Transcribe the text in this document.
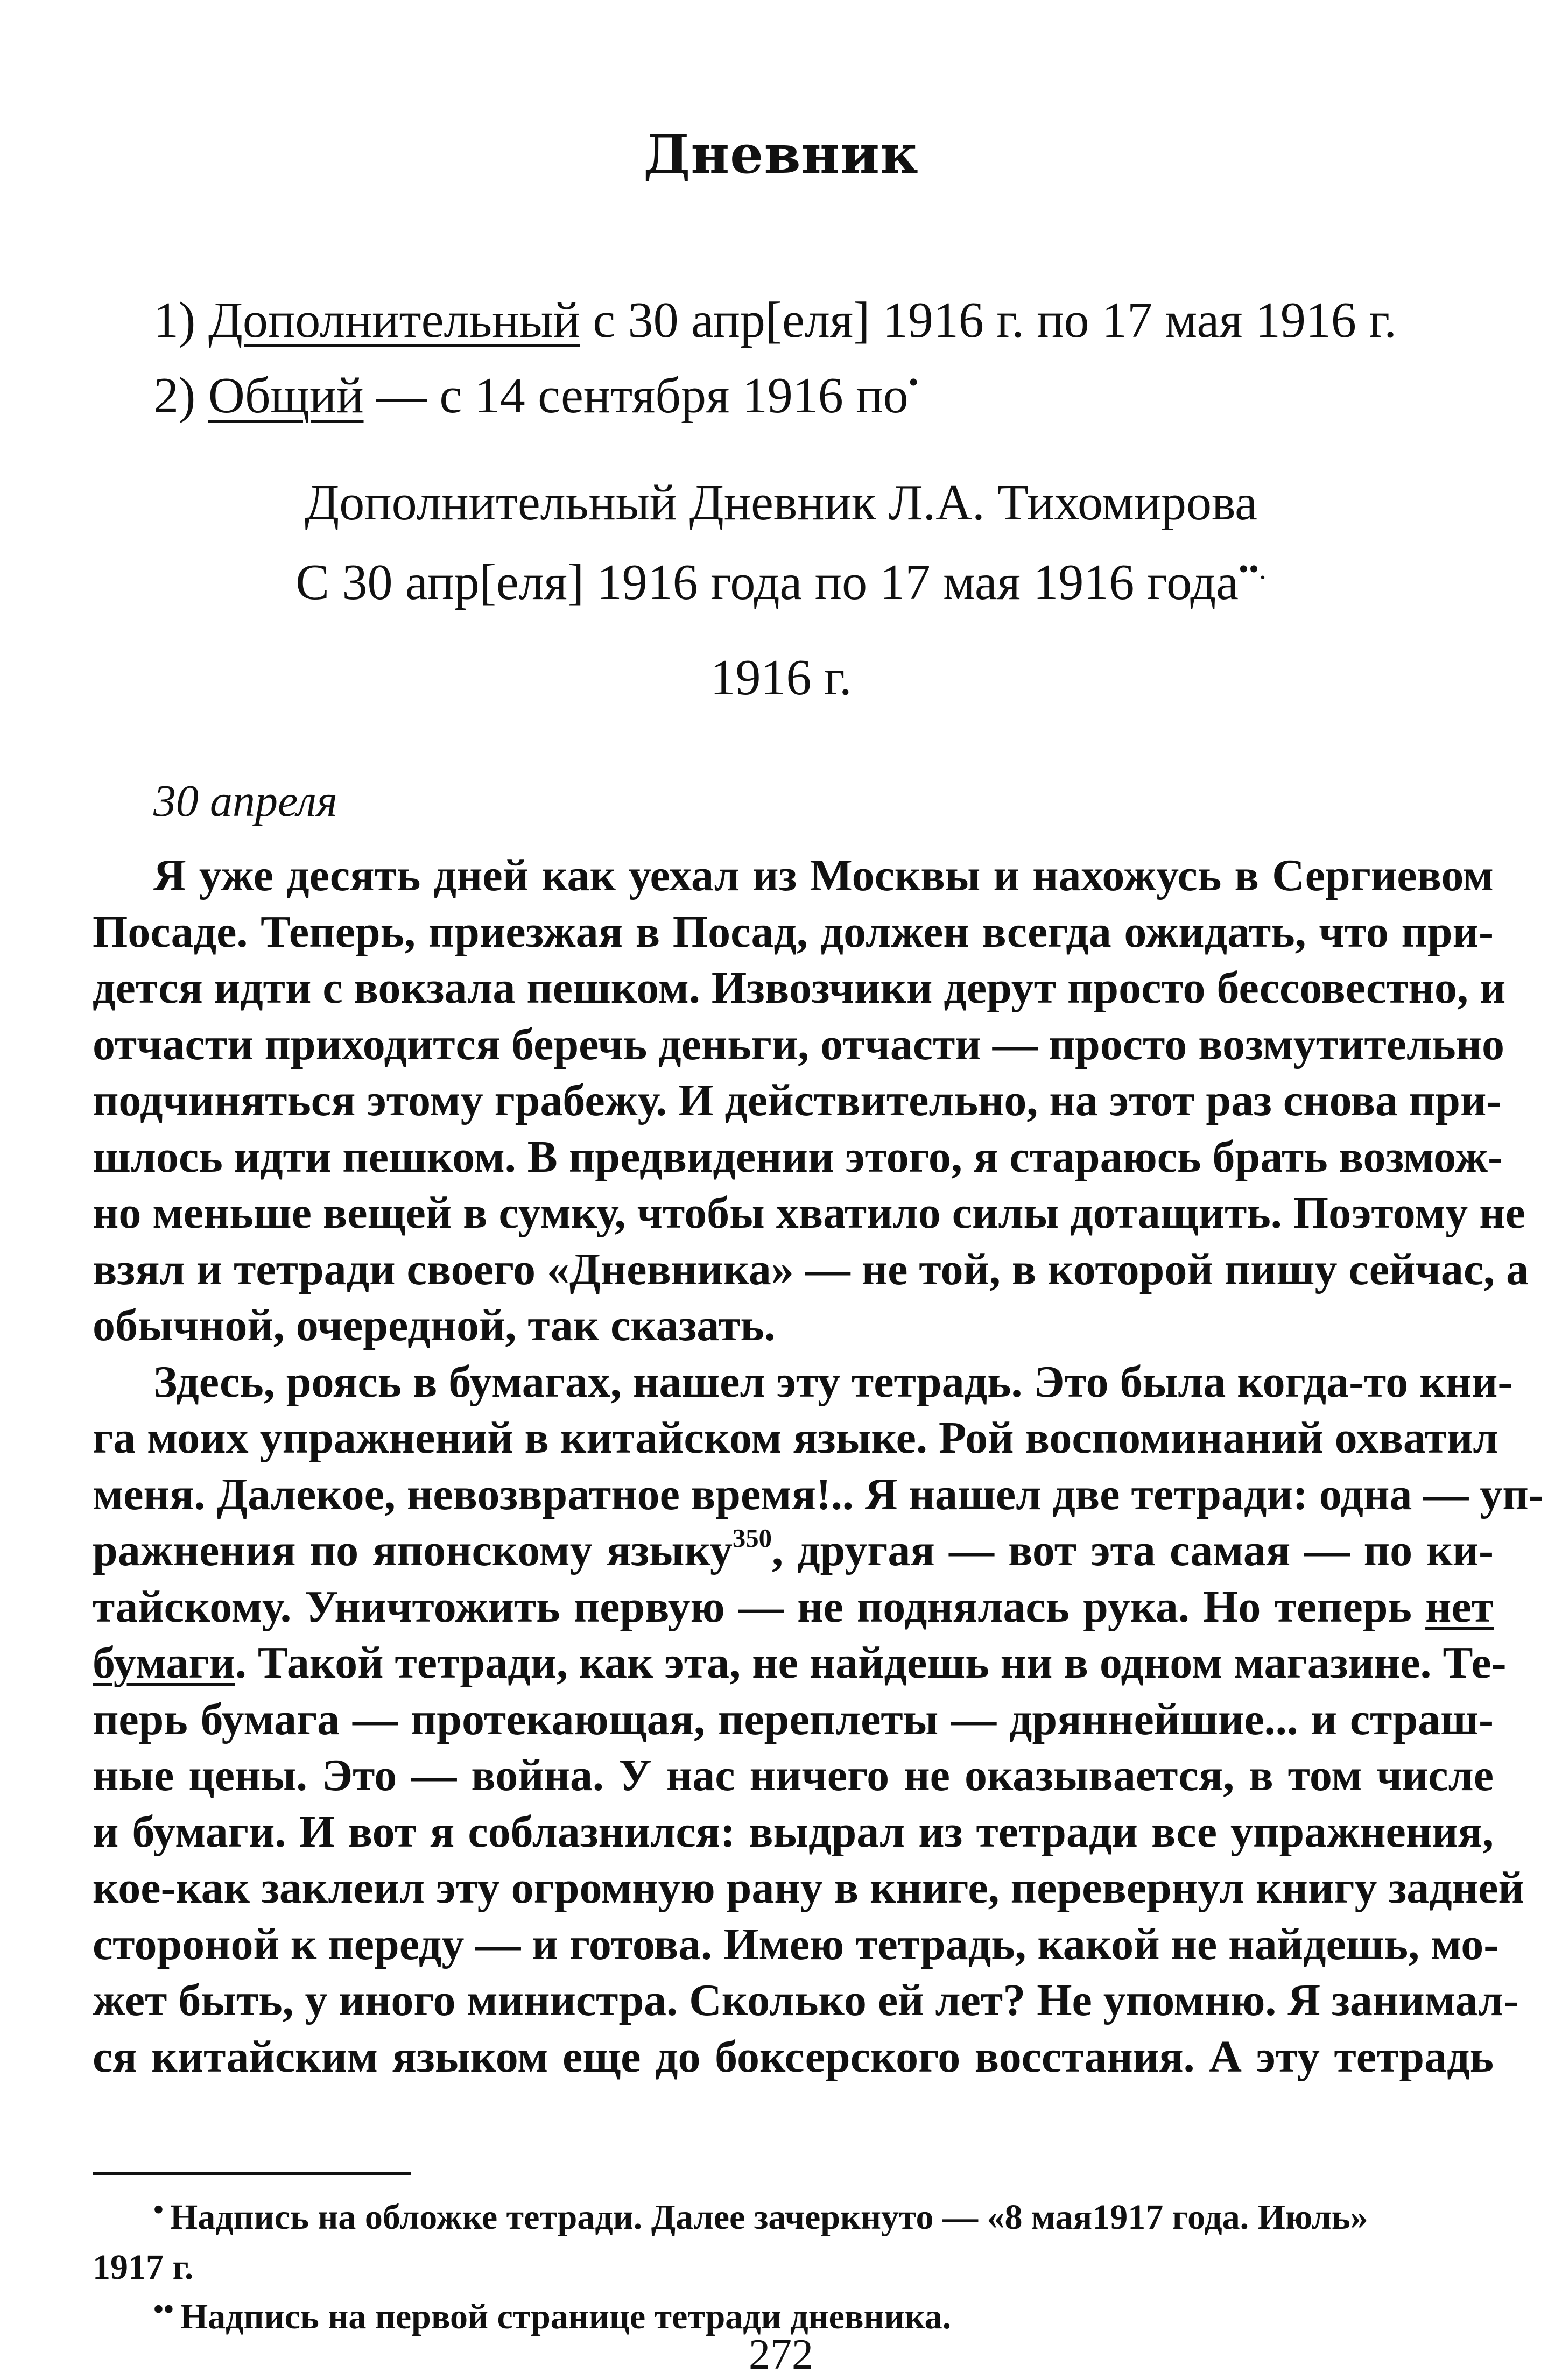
Дневник
1) Дополнительный с 30 апр[еля] 1916 г. по 17 мая 1916 г.
2) Общий — с 14 сентября 1916 по•
Дополнительный Дневник Л.А. Тихомирова
С 30 апр[еля] 1916 года по 17 мая 1916 года••.
1916 г.
30 апреля
Я уже десять дней как уехал из Москвы и нахожусь в Сергиевом
Посаде. Теперь, приезжая в Посад, должен всегда ожидать, что при-
дется идти с вокзала пешком. Извозчики дерут просто бессовестно, и
отчасти приходится беречь деньги, отчасти — просто возмутительно
подчиняться этому грабежу. И действительно, на этот раз снова при-
шлось идти пешком. В предвидении этого, я стараюсь брать возмож-
но меньше вещей в сумку, чтобы хватило силы дотащить. Поэтому не
взял и тетради своего «Дневника» — не той, в которой пишу сейчас, а
обычной, очередной, так сказать.
Здесь, роясь в бумагах, нашел эту тетрадь. Это была когда-то кни-
га моих упражнений в китайском языке. Рой воспоминаний охватил
меня. Далекое, невозвратное время!.. Я нашел две тетради: одна — уп-
ражнения по японскому языку$^{350}$, другая — вот эта самая — по ки-
тайскому. Уничтожить первую — не поднялась рука. Но теперь нет
бумаги. Такой тетради, как эта, не найдешь ни в одном магазине. Те-
перь бумага — протекающая, переплеты — дряннейшие... и страш-
ные цены. Это — война. У нас ничего не оказывается, в том числе
и бумаги. И вот я соблазнился: выдрал из тетради все упражнения,
кое-как заклеил эту огромную рану в книге, перевернул книгу задней
стороной к переду — и готова. Имею тетрадь, какой не найдешь, мо-
жет быть, у иного министра. Сколько ей лет? Не упомню. Я занимал-
ся китайским языком еще до боксерского восстания. А эту тетрадь
• Надпись на обложке тетради. Далее зачеркнуто — «8 мая1917 года. Июль»
1917 г.
•• Надпись на первой странице тетради дневника.
272
